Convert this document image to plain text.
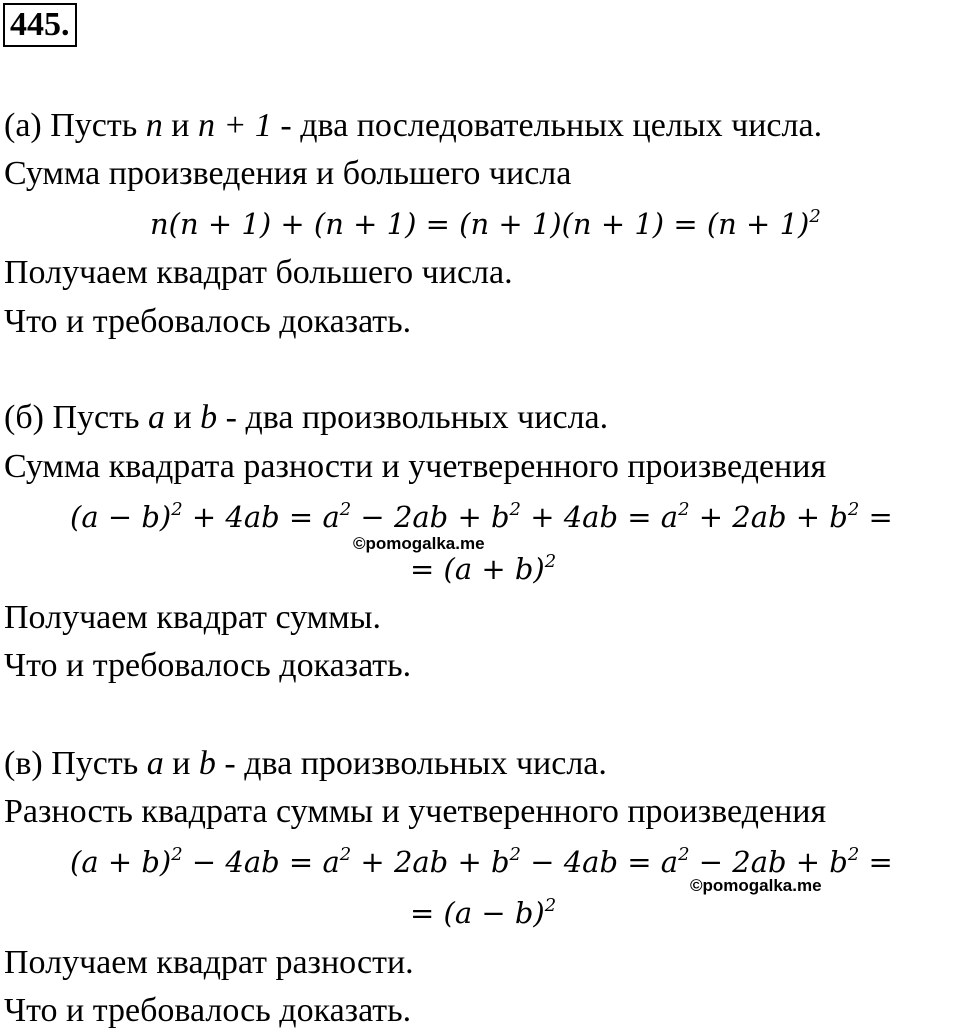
445.
(а) Пусть n и n + 1 - два последовательных целых числа.
Сумма произведения и большего числа
$n(n + 1) + (n + 1) = (n + 1)(n + 1) = (n + 1)^2$
Получаем квадрат большего числа.
Что и требовалось доказать.
(б) Пусть a и b - два произвольных числа.
Сумма квадрата разности и учетверенного произведения
$(a - b)^2 + 4ab = a^2 - 2ab + b^2 + 4ab = a^2 + 2ab + b^2$ =
©pomogalka.me
= $(a + b)^2$
Получаем квадрат суммы.
Что и требовалось доказать.
(в) Пусть a и b - два произвольных числа.
Разность квадрата суммы и учетверенного произведения
$(a + b)^2 - 4ab = a^2 + 2ab + b^2 - 4ab = a^2 - 2ab + b^2$ =
©pomogalka.me
= $(a - b)^2$
Получаем квадрат разности.
Что и требовалось доказать.
